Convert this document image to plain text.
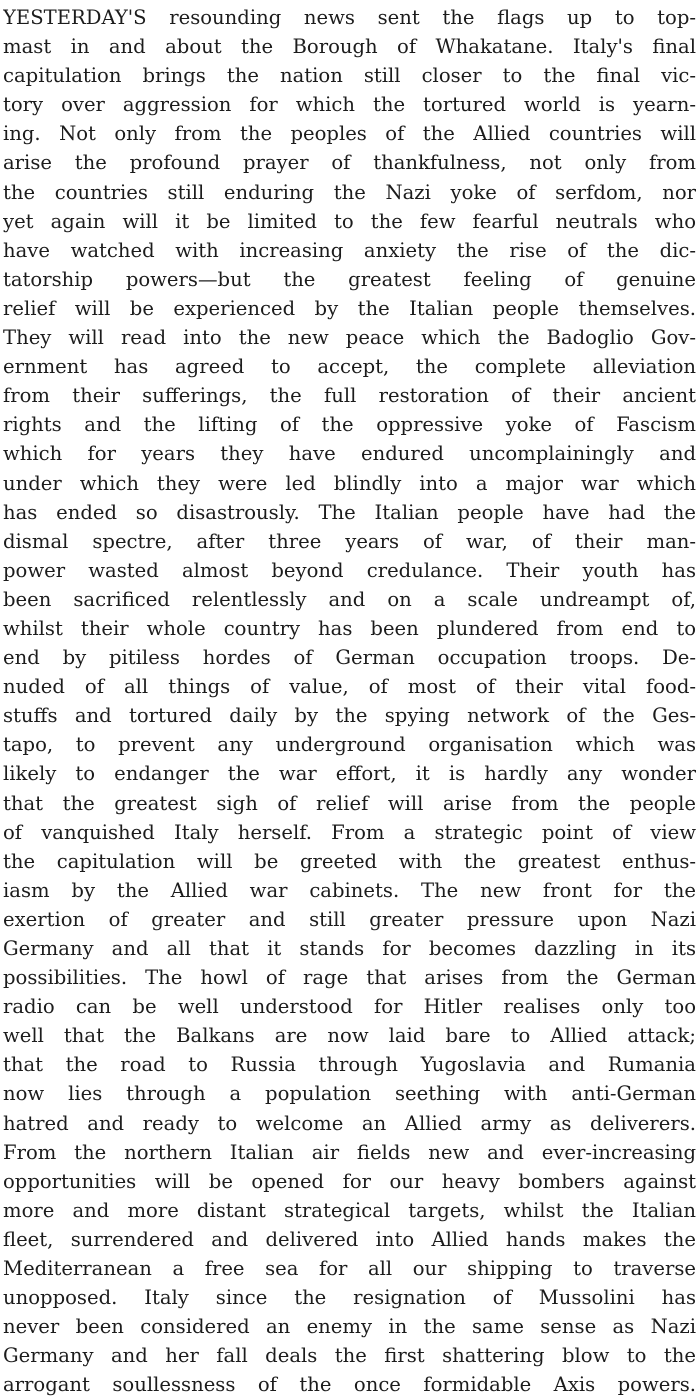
YESTERDAY'S resounding news sent the flags up to top-
mast in and about the Borough of Whakatane. Italy's final
capitulation brings the nation still closer to the final vic-
tory over aggression for which the tortured world is yearn-
ing. Not only from the peoples of the Allied countries will
arise the profound prayer of thankfulness, not only from
the countries still enduring the Nazi yoke of serfdom, nor
yet again will it be limited to the few fearful neutrals who
have watched with increasing anxiety the rise of the dic-
tatorship powers—but the greatest feeling of genuine
relief will be experienced by the Italian people themselves.
They will read into the new peace which the Badoglio Gov-
ernment has agreed to accept, the complete alleviation
from their sufferings, the full restoration of their ancient
rights and the lifting of the oppressive yoke of Fascism
which for years they have endured uncomplainingly and
under which they were led blindly into a major war which
has ended so disastrously. The Italian people have had the
dismal spectre, after three years of war, of their man-
power wasted almost beyond credulance. Their youth has
been sacrificed relentlessly and on a scale undreampt of,
whilst their whole country has been plundered from end to
end by pitiless hordes of German occupation troops. De-
nuded of all things of value, of most of their vital food-
stuffs and tortured daily by the spying network of the Ges-
tapo, to prevent any underground organisation which was
likely to endanger the war effort, it is hardly any wonder
that the greatest sigh of relief will arise from the people
of vanquished Italy herself. From a strategic point of view
the capitulation will be greeted with the greatest enthus-
iasm by the Allied war cabinets. The new front for the
exertion of greater and still greater pressure upon Nazi
Germany and all that it stands for becomes dazzling in its
possibilities. The howl of rage that arises from the German
radio can be well understood for Hitler realises only too
well that the Balkans are now laid bare to Allied attack;
that the road to Russia through Yugoslavia and Rumania
now lies through a population seething with anti-German
hatred and ready to welcome an Allied army as deliverers.
From the northern Italian air fields new and ever-increasing
opportunities will be opened for our heavy bombers against
more and more distant strategical targets, whilst the Italian
fleet, surrendered and delivered into Allied hands makes the
Mediterranean a free sea for all our shipping to traverse
unopposed. Italy since the resignation of Mussolini has
never been considered an enemy in the same sense as Nazi
Germany and her fall deals the first shattering blow to the
arrogant soullessness of the once formidable Axis powers.
